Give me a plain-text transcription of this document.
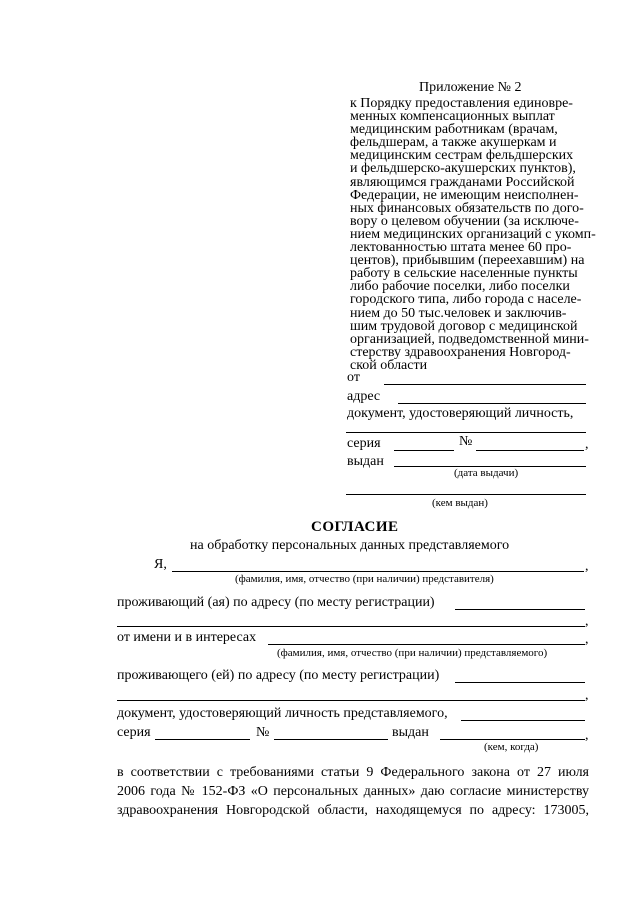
Приложение № 2
к Порядку предоставления единовре-
менных компенсационных выплат
медицинским работникам (врачам,
фельдшерам, а также акушеркам и
медицинским сестрам фельдшерских
и фельдшерско-акушерских пунктов),
являющимся гражданами Российской
Федерации, не имеющим неисполнен-
ных финансовых обязательств по дого-
вору о целевом обучении (за исключе-
нием медицинских организаций с укомп-
лектованностью штата менее 60 про-
центов), прибывшим (переехавшим) на
работу в сельские населенные пункты
либо рабочие поселки, либо поселки
городского типа, либо города с населе-
нием до 50 тыс.человек и заключив-
шим трудовой договор с медицинской
организацией, подведомственной мини-
стерству здравоохранения Новгород-
ской области
от
адрес
документ, удостоверяющий личность,
серия	№	,
выдан
(дата выдачи)
(кем выдан)
СОГЛАСИЕ
на обработку персональных данных представляемого
Я,	,
(фамилия, имя, отчество (при наличии) представителя)
проживающий (ая) по адресу (по месту регистрации)
,
от имени и в интересах	,
(фамилия, имя, отчество (при наличии) представляемого)
проживающего (ей) по адресу (по месту регистрации)
,
документ, удостоверяющий личность представляемого,
серия	№	выдан	,
(кем, когда)
в соответствии с требованиями статьи 9 Федерального закона от 27 июля
2006 года № 152-ФЗ «О персональных данных» даю согласие министерству
здравоохранения Новгородской области, находящемуся по адресу: 173005,
